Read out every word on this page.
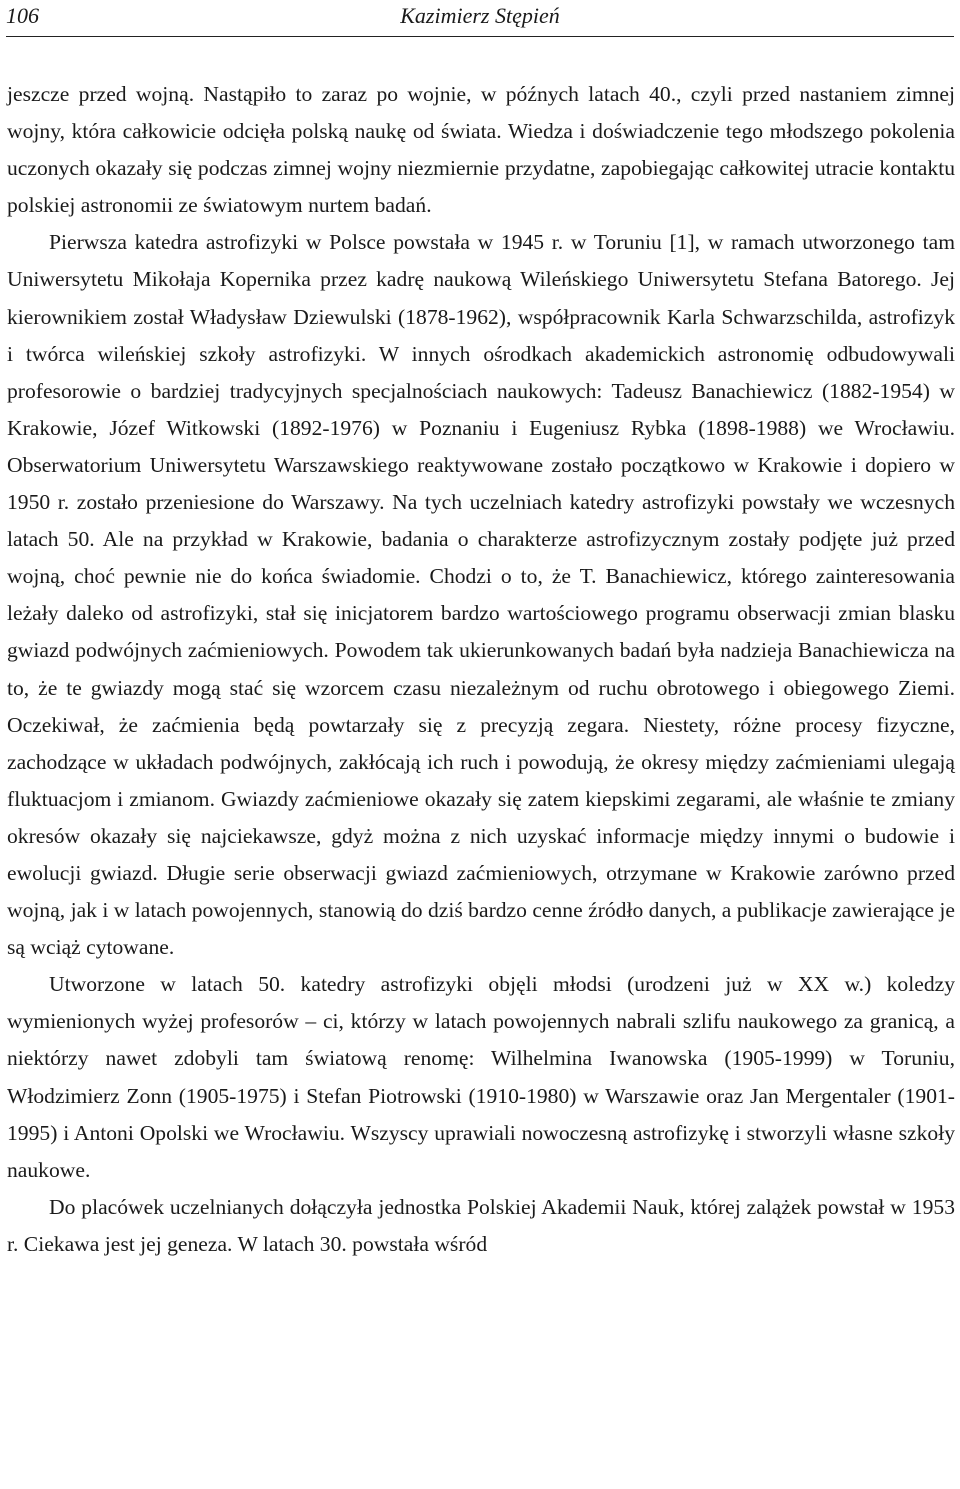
106	Kazimierz Stępień

jeszcze przed wojną. Nastąpiło to zaraz po wojnie, w późnych latach 40., czyli przed nastaniem zimnej wojny, która całkowicie odcięła polską naukę od świata. Wiedza i doświadczenie tego młodszego pokolenia uczonych okazały się podczas zimnej wojny niezmiernie przydatne, zapobiegając całkowitej utracie kontaktu polskiej astronomii ze światowym nurtem badań.

Pierwsza katedra astrofizyki w Polsce powstała w 1945 r. w Toruniu [1], w ramach utworzonego tam Uniwersytetu Mikołaja Kopernika przez kadrę naukową Wileńskiego Uniwersytetu Stefana Batorego. Jej kierownikiem został Władysław Dziewulski (1878-1962), współpracownik Karla Schwarzschilda, astrofizyk i twórca wileńskiej szkoły astrofizyki. W innych ośrodkach akademickich astronomię odbudowywali profesorowie o bardziej tradycyjnych specjalnościach naukowych: Tadeusz Banachiewicz (1882-1954) w Krakowie, Józef Witkowski (1892-1976) w Poznaniu i Eugeniusz Rybka (1898-1988) we Wrocławiu. Obserwatorium Uniwersytetu Warszawskiego reaktywowane zostało początkowo w Krakowie i dopiero w 1950 r. zostało przeniesione do Warszawy. Na tych uczelniach katedry astrofizyki powstały we wczesnych latach 50. Ale na przykład w Krakowie, badania o charakterze astrofizycznym zostały podjęte już przed wojną, choć pewnie nie do końca świadomie. Chodzi o to, że T. Banachiewicz, którego zainteresowania leżały daleko od astrofizyki, stał się inicjatorem bardzo wartościowego programu obserwacji zmian blasku gwiazd podwójnych zaćmieniowych. Powodem tak ukierunkowanych badań była nadzieja Banachiewicza na to, że te gwiazdy mogą stać się wzorcem czasu niezależnym od ruchu obrotowego i obiegowego Ziemi. Oczekiwał, że zaćmienia będą powtarzały się z precyzją zegara. Niestety, różne procesy fizyczne, zachodzące w układach podwójnych, zakłócają ich ruch i powodują, że okresy między zaćmieniami ulegają fluktuacjom i zmianom. Gwiazdy zaćmieniowe okazały się zatem kiepskimi zegarami, ale właśnie te zmiany okresów okazały się najciekawsze, gdyż można z nich uzyskać informacje między innymi o budowie i ewolucji gwiazd. Długie serie obserwacji gwiazd zaćmieniowych, otrzymane w Krakowie zarówno przed wojną, jak i w latach powojennych, stanowią do dziś bardzo cenne źródło danych, a publikacje zawierające je są wciąż cytowane.

Utworzone w latach 50. katedry astrofizyki objęli młodsi (urodzeni już w XX w.) koledzy wymienionych wyżej profesorów – ci, którzy w latach powojennych nabrali szlifu naukowego za granicą, a niektórzy nawet zdobyli tam światową renomę: Wilhelmina Iwanowska (1905-1999) w Toruniu, Włodzimierz Zonn (1905-1975) i Stefan Piotrowski (1910-1980) w Warszawie oraz Jan Mergentaler (1901-1995) i Antoni Opolski we Wrocławiu. Wszyscy uprawiali nowoczesną astrofizykę i stworzyli własne szkoły naukowe.

Do placówek uczelnianych dołączyła jednostka Polskiej Akademii Nauk, której zalążek powstał w 1953 r. Ciekawa jest jej geneza. W latach 30. powstała wśród
